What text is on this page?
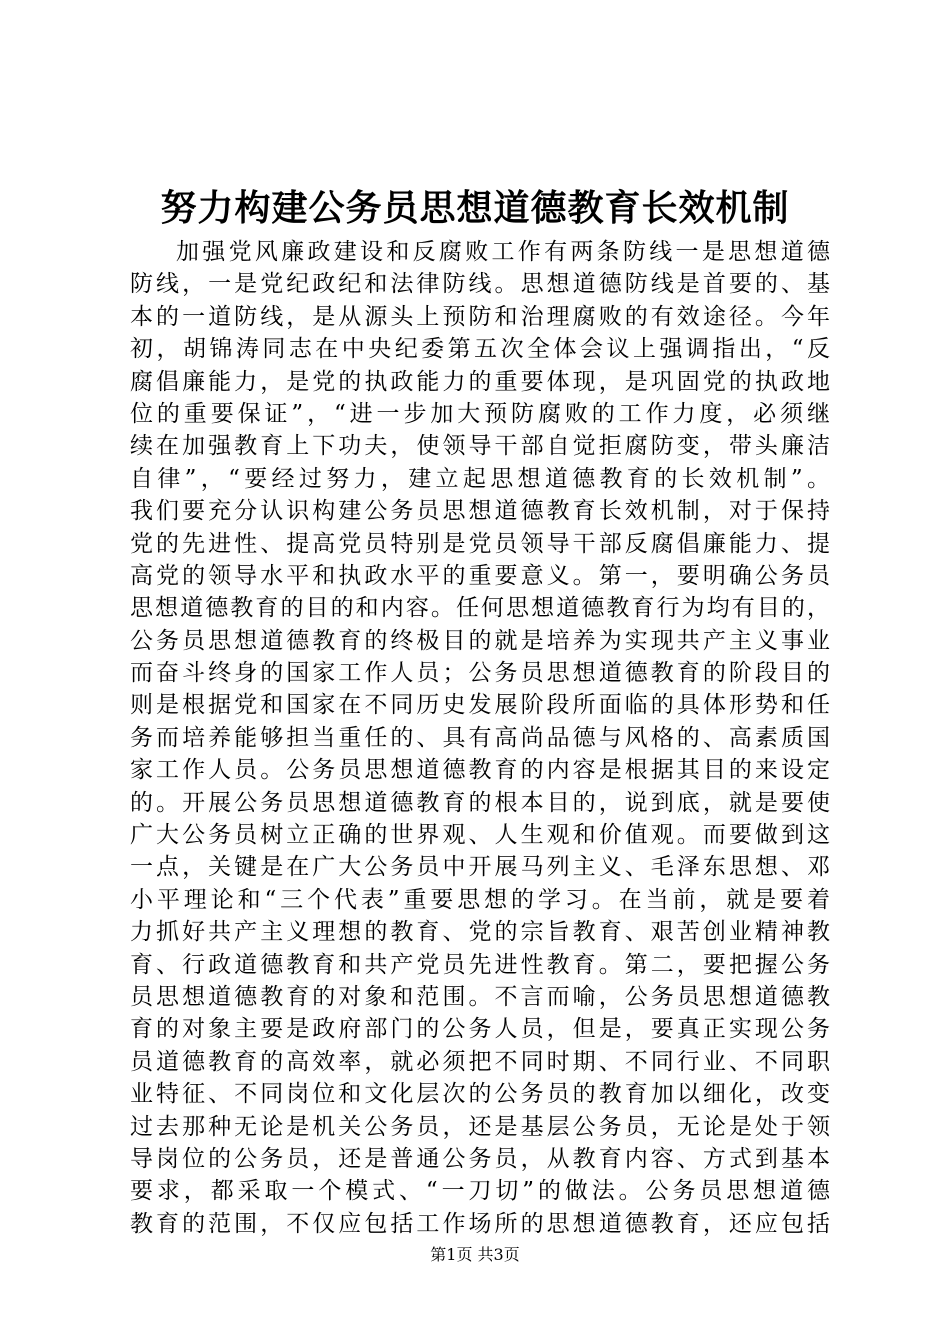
努力构建公务员思想道德教育长效机制
加强党风廉政建设和反腐败工作有两条防线一是思想道德
防线，一是党纪政纪和法律防线。思想道德防线是首要的、基
本的一道防线，是从源头上预防和治理腐败的有效途径。今年
初，胡锦涛同志在中央纪委第五次全体会议上强调指出，“反
腐倡廉能力，是党的执政能力的重要体现，是巩固党的执政地
位的重要保证”，“进一步加大预防腐败的工作力度，必须继
续在加强教育上下功夫，使领导干部自觉拒腐防变，带头廉洁
自律”，“要经过努力，建立起思想道德教育的长效机制”。
我们要充分认识构建公务员思想道德教育长效机制，对于保持
党的先进性、提高党员特别是党员领导干部反腐倡廉能力、提
高党的领导水平和执政水平的重要意义。第一，要明确公务员
思想道德教育的目的和内容。任何思想道德教育行为均有目的，
公务员思想道德教育的终极目的就是培养为实现共产主义事业
而奋斗终身的国家工作人员；公务员思想道德教育的阶段目的
则是根据党和国家在不同历史发展阶段所面临的具体形势和任
务而培养能够担当重任的、具有高尚品德与风格的、高素质国
家工作人员。公务员思想道德教育的内容是根据其目的来设定
的。开展公务员思想道德教育的根本目的，说到底，就是要使
广大公务员树立正确的世界观、人生观和价值观。而要做到这
一点，关键是在广大公务员中开展马列主义、毛泽东思想、邓
小平理论和“三个代表”重要思想的学习。在当前，就是要着
力抓好共产主义理想的教育、党的宗旨教育、艰苦创业精神教
育、行政道德教育和共产党员先进性教育。第二，要把握公务
员思想道德教育的对象和范围。不言而喻，公务员思想道德教
育的对象主要是政府部门的公务人员，但是，要真正实现公务
员道德教育的高效率，就必须把不同时期、不同行业、不同职
业特征、不同岗位和文化层次的公务员的教育加以细化，改变
过去那种无论是机关公务员，还是基层公务员，无论是处于领
导岗位的公务员，还是普通公务员，从教育内容、方式到基本
要求，都采取一个模式、“一刀切”的做法。公务员思想道德
教育的范围，不仅应包括工作场所的思想道德教育，还应包括
第1页 共3页
